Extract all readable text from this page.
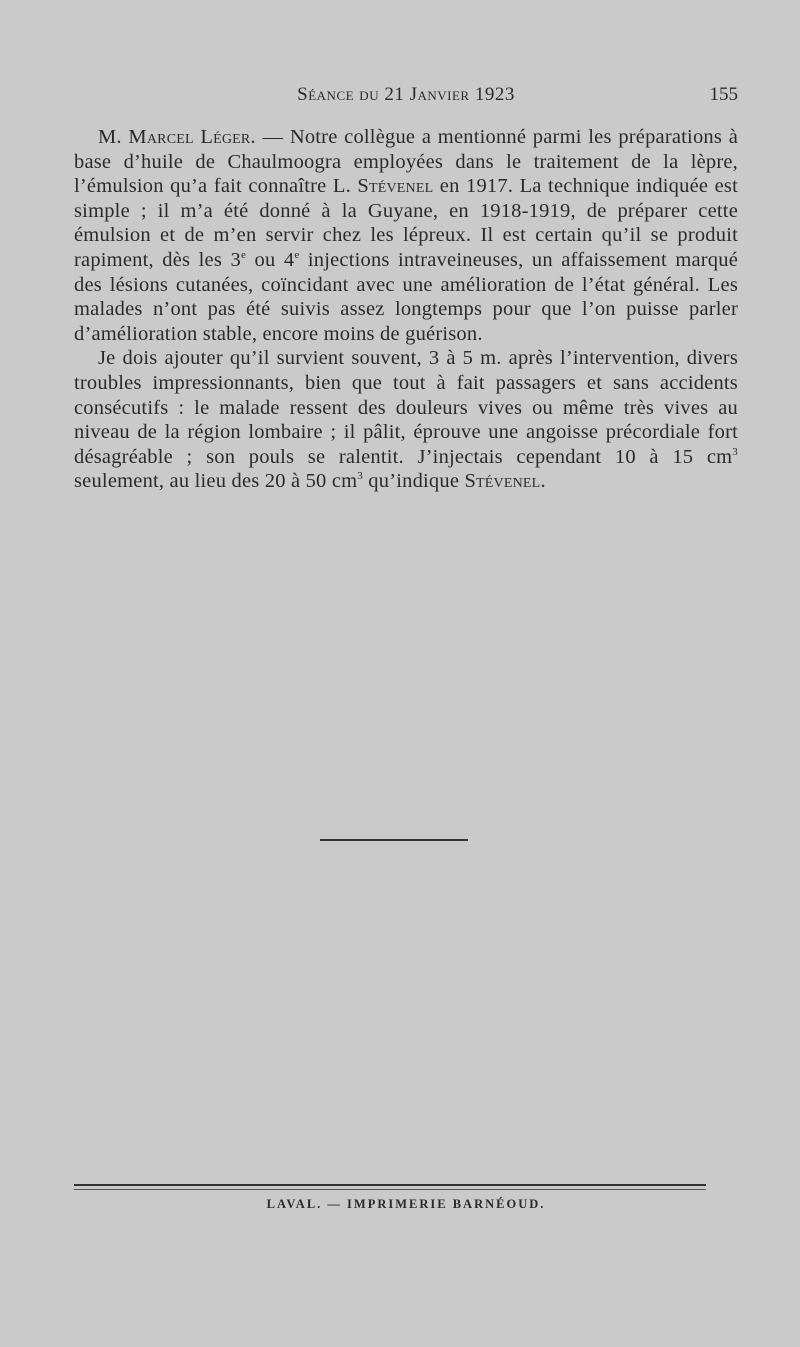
Séance du 21 Janvier 1923	155

M. Marcel Léger. — Notre collègue a mentionné parmi les préparations à base d’huile de Chaulmoogra employées dans le traitement de la lèpre, l’émulsion qu’a fait connaître L. Stévenel en 1917. La technique indiquée est simple ; il m’a été donné à la Guyane, en 1918-1919, de préparer cette émulsion et de m’en servir chez les lépreux. Il est certain qu’il se produit rapiment, dès les 3e ou 4e injections intraveineuses, un affaissement marqué des lésions cutanées, coïncidant avec une amélioration de l’état général. Les malades n’ont pas été suivis assez longtemps pour que l’on puisse parler d’amélioration stable, encore moins de guérison.

Je dois ajouter qu’il survient souvent, 3 à 5 m. après l’intervention, divers troubles impressionnants, bien que tout à fait passagers et sans accidents consécutifs : le malade ressent des douleurs vives ou même très vives au niveau de la région lombaire ; il pâlit, éprouve une angoisse précordiale fort désagréable ; son pouls se ralentit. J’injectais cependant 10 à 15 $cm^3$ seulement, au lieu des 20 à 50 $cm^3$ qu’indique Stévenel.

LAVAL. — IMPRIMERIE BARNÉOUD.
